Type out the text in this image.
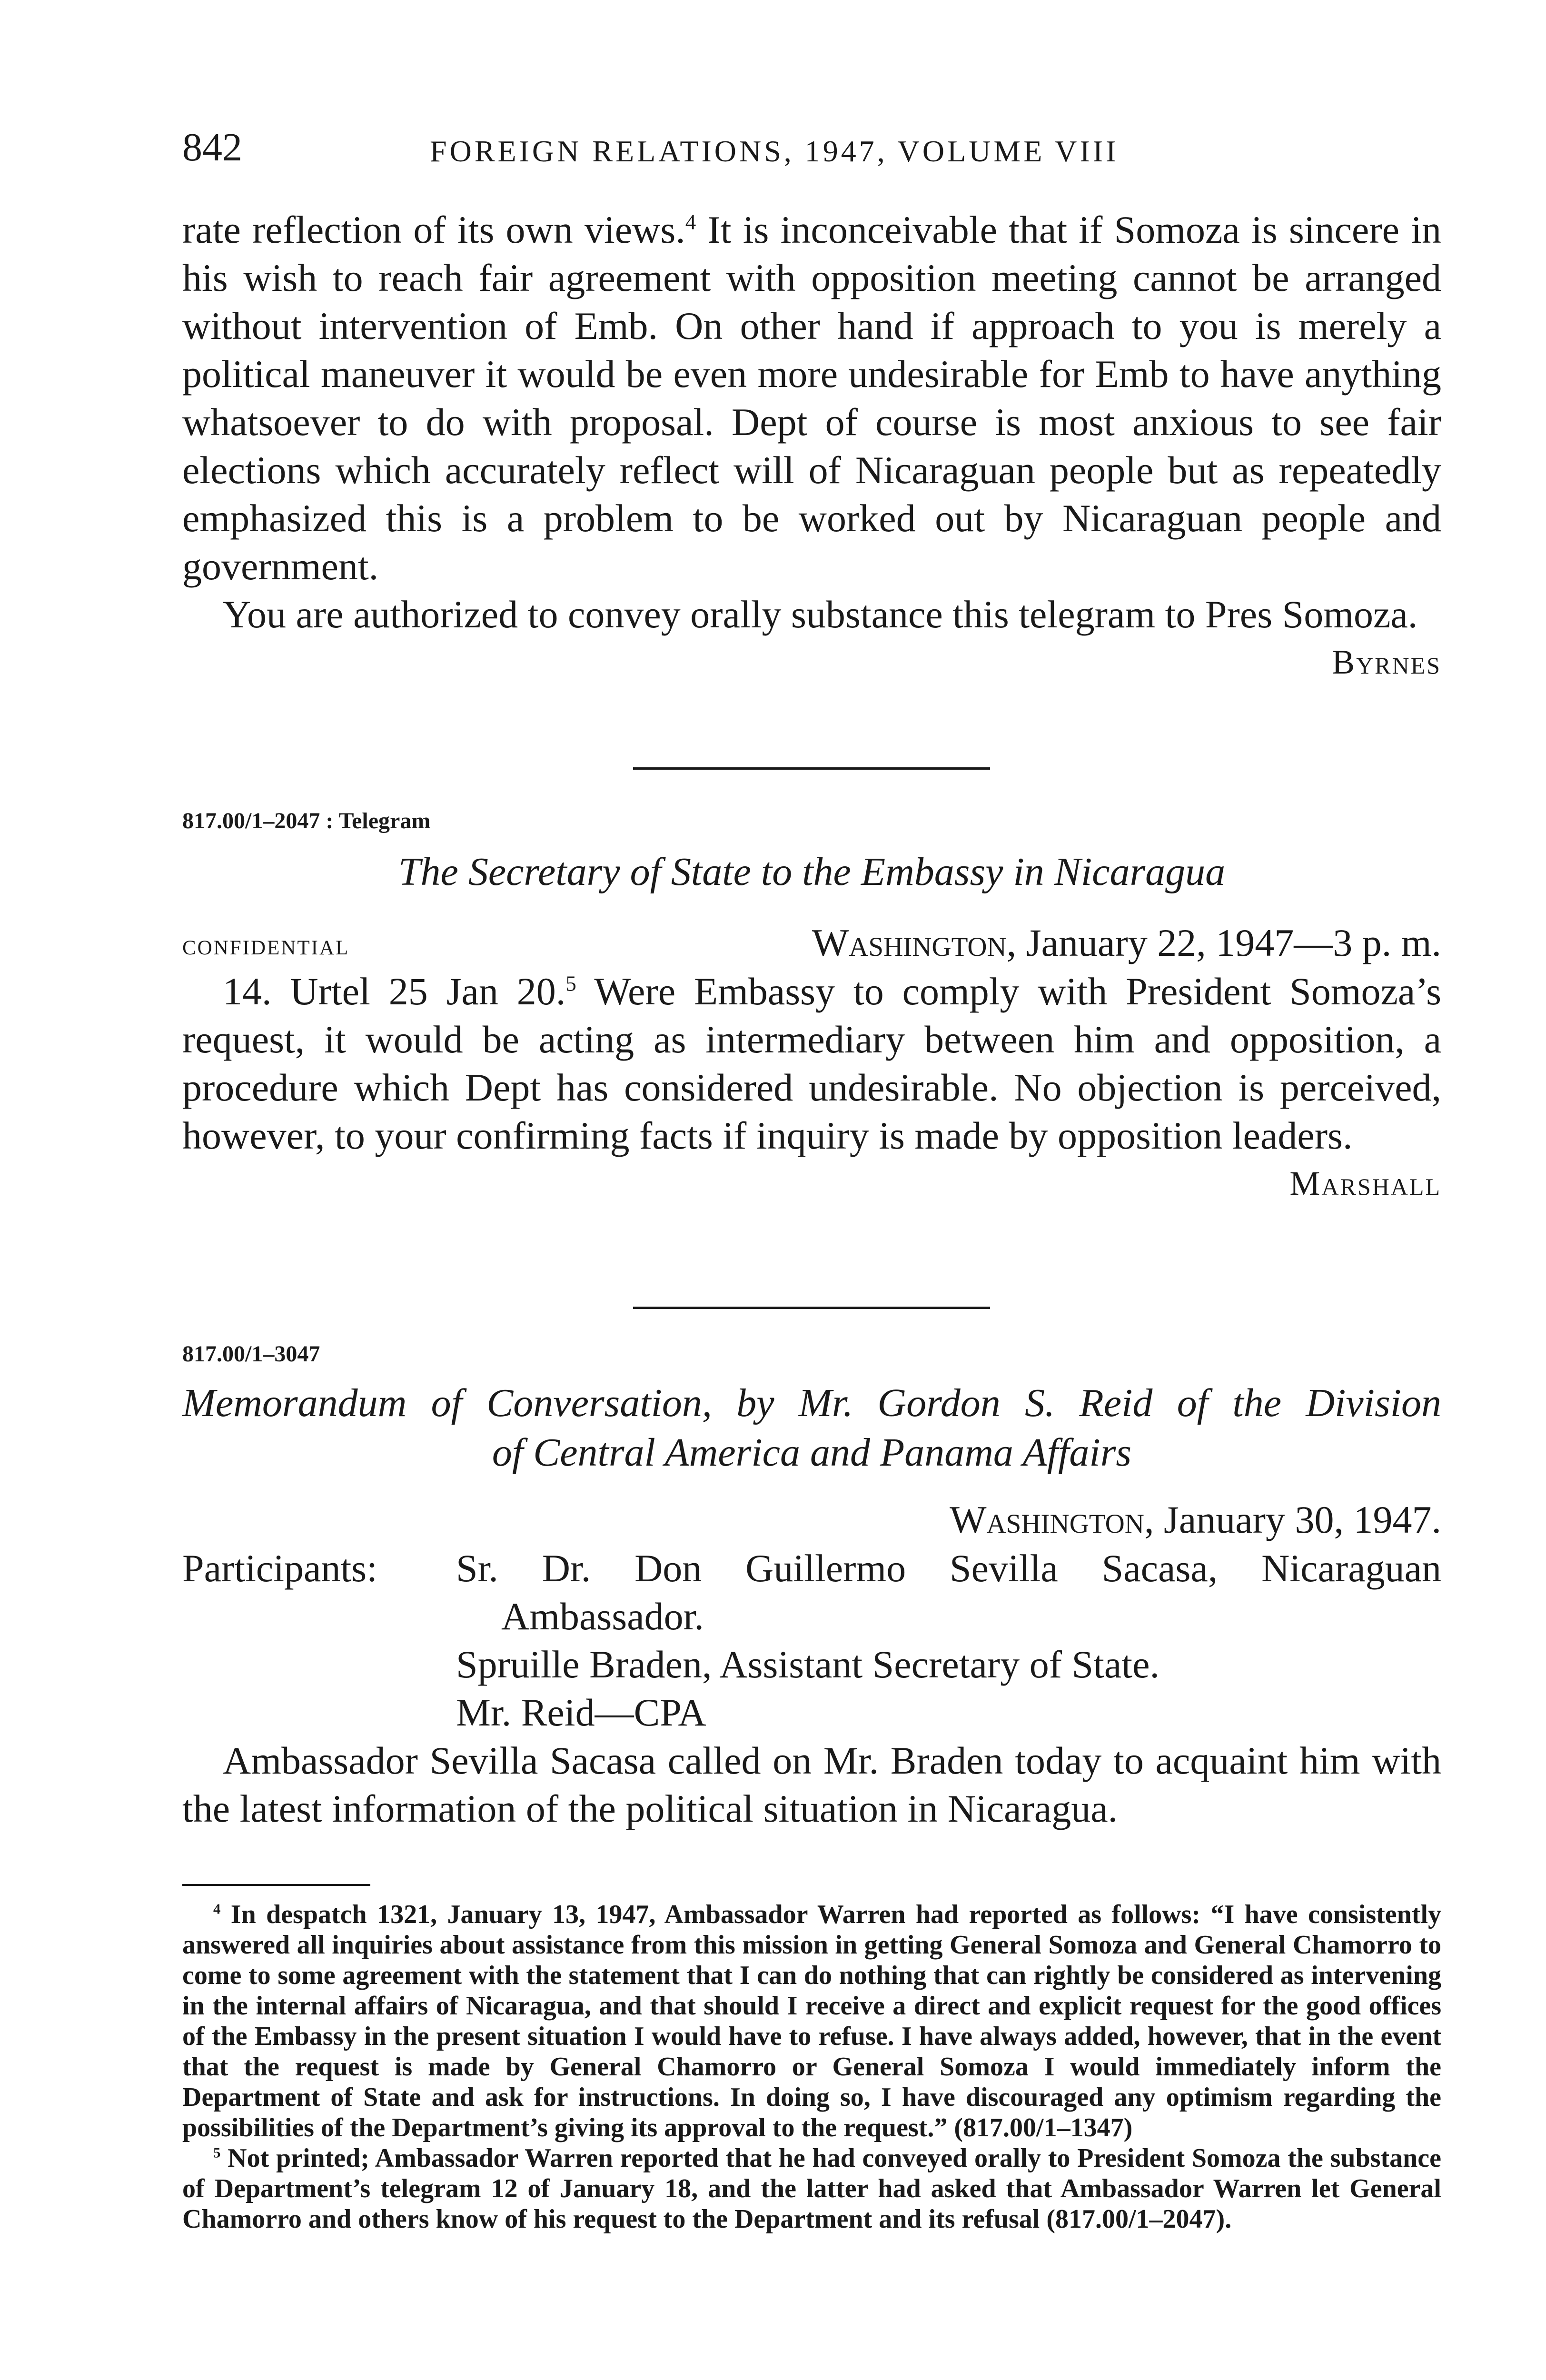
842	FOREIGN RELATIONS, 1947, VOLUME VIII

rate reflection of its own views.$^4$ It is inconceivable that if Somoza is sincere in his wish to reach fair agreement with opposition meeting cannot be arranged without intervention of Emb. On other hand if approach to you is merely a political maneuver it would be even more undesirable for Emb to have anything whatsoever to do with proposal. Dept of course is most anxious to see fair elections which accurately reflect will of Nicaraguan people but as repeatedly emphasized this is a problem to be worked out by Nicaraguan people and government.

You are authorized to convey orally substance this telegram to Pres Somoza.

Byrnes

817.00/1–2047 : Telegram

The Secretary of State to the Embassy in Nicaragua

confidential	Washington, January 22, 1947—3 p. m.

14. Urtel 25 Jan 20.$^5$ Were Embassy to comply with President Somoza’s request, it would be acting as intermediary between him and opposition, a procedure which Dept has considered undesirable. No objection is perceived, however, to your confirming facts if inquiry is made by opposition leaders.

Marshall

817.00/1–3047

Memorandum of Conversation, by Mr. Gordon S. Reid of the Division

of Central America and Panama Affairs

Washington, January 30, 1947.
Participants: Sr. Dr. Don Guillermo Sevilla Sacasa, Nicaraguan Ambassador.
Spruille Braden, Assistant Secretary of State.
Mr. Reid—CPA

Ambassador Sevilla Sacasa called on Mr. Braden today to acquaint him with the latest information of the political situation in Nicaragua.

$^4$ In despatch 1321, January 13, 1947, Ambassador Warren had reported as follows: “I have consistently answered all inquiries about assistance from this mission in getting General Somoza and General Chamorro to come to some agreement with the statement that I can do nothing that can rightly be considered as intervening in the internal affairs of Nicaragua, and that should I receive a direct and explicit request for the good offices of the Embassy in the present situation I would have to refuse. I have always added, however, that in the event that the request is made by General Chamorro or General Somoza I would immediately inform the Department of State and ask for instructions. In doing so, I have discouraged any optimism regarding the possibilities of the Department’s giving its approval to the request.” (817.00/1–1347)

$^5$ Not printed; Ambassador Warren reported that he had conveyed orally to President Somoza the substance of Department’s telegram 12 of January 18, and the latter had asked that Ambassador Warren let General Chamorro and others know of his request to the Department and its refusal (817.00/1–2047).
